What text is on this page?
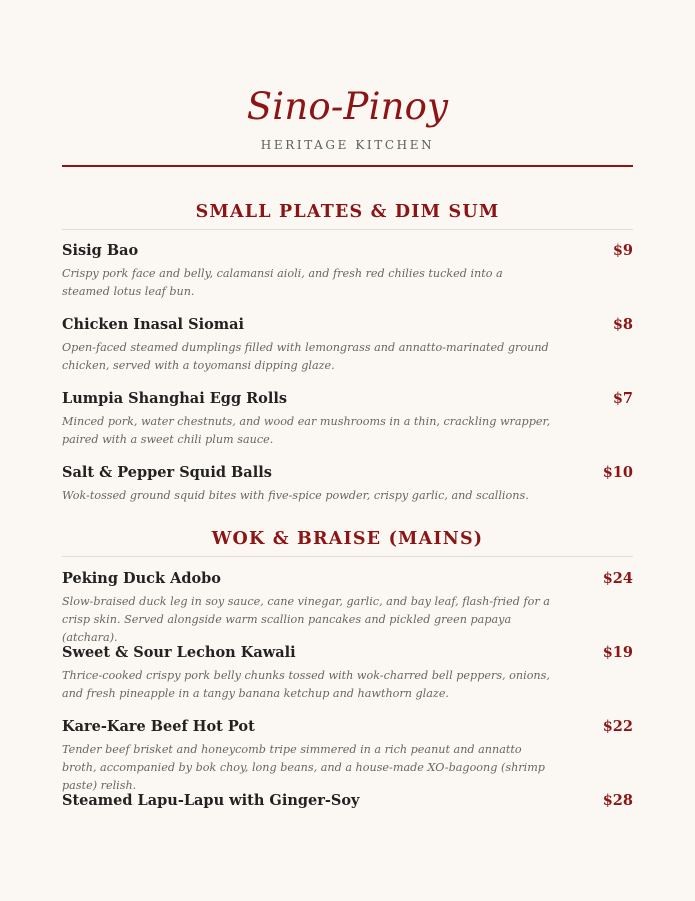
Sino-Pinoy
HERITAGE KITCHEN
SMALL PLATES & DIM SUM
Sisig Bao	$9
Crispy pork face and belly, calamansi aioli, and fresh red chilies tucked into a steamed lotus leaf bun.
Chicken Inasal Siomai	$8
Open-faced steamed dumplings filled with lemongrass and annatto-marinated ground chicken, served with a toyomansi dipping glaze.
Lumpia Shanghai Egg Rolls	$7
Minced pork, water chestnuts, and wood ear mushrooms in a thin, crackling wrapper, paired with a sweet chili plum sauce.
Salt & Pepper Squid Balls	$10
Wok-tossed ground squid bites with five-spice powder, crispy garlic, and scallions.
WOK & BRAISE (MAINS)
Peking Duck Adobo	$24
Slow-braised duck leg in soy sauce, cane vinegar, garlic, and bay leaf, flash-fried for a crisp skin. Served alongside warm scallion pancakes and pickled green papaya (atchara).
Sweet & Sour Lechon Kawali	$19
Thrice-cooked crispy pork belly chunks tossed with wok-charred bell peppers, onions, and fresh pineapple in a tangy banana ketchup and hawthorn glaze.
Kare-Kare Beef Hot Pot	$22
Tender beef brisket and honeycomb tripe simmered in a rich peanut and annatto broth, accompanied by bok choy, long beans, and a house-made XO-bagoong (shrimp paste) relish.
Steamed Lapu-Lapu with Ginger-Soy	$28
